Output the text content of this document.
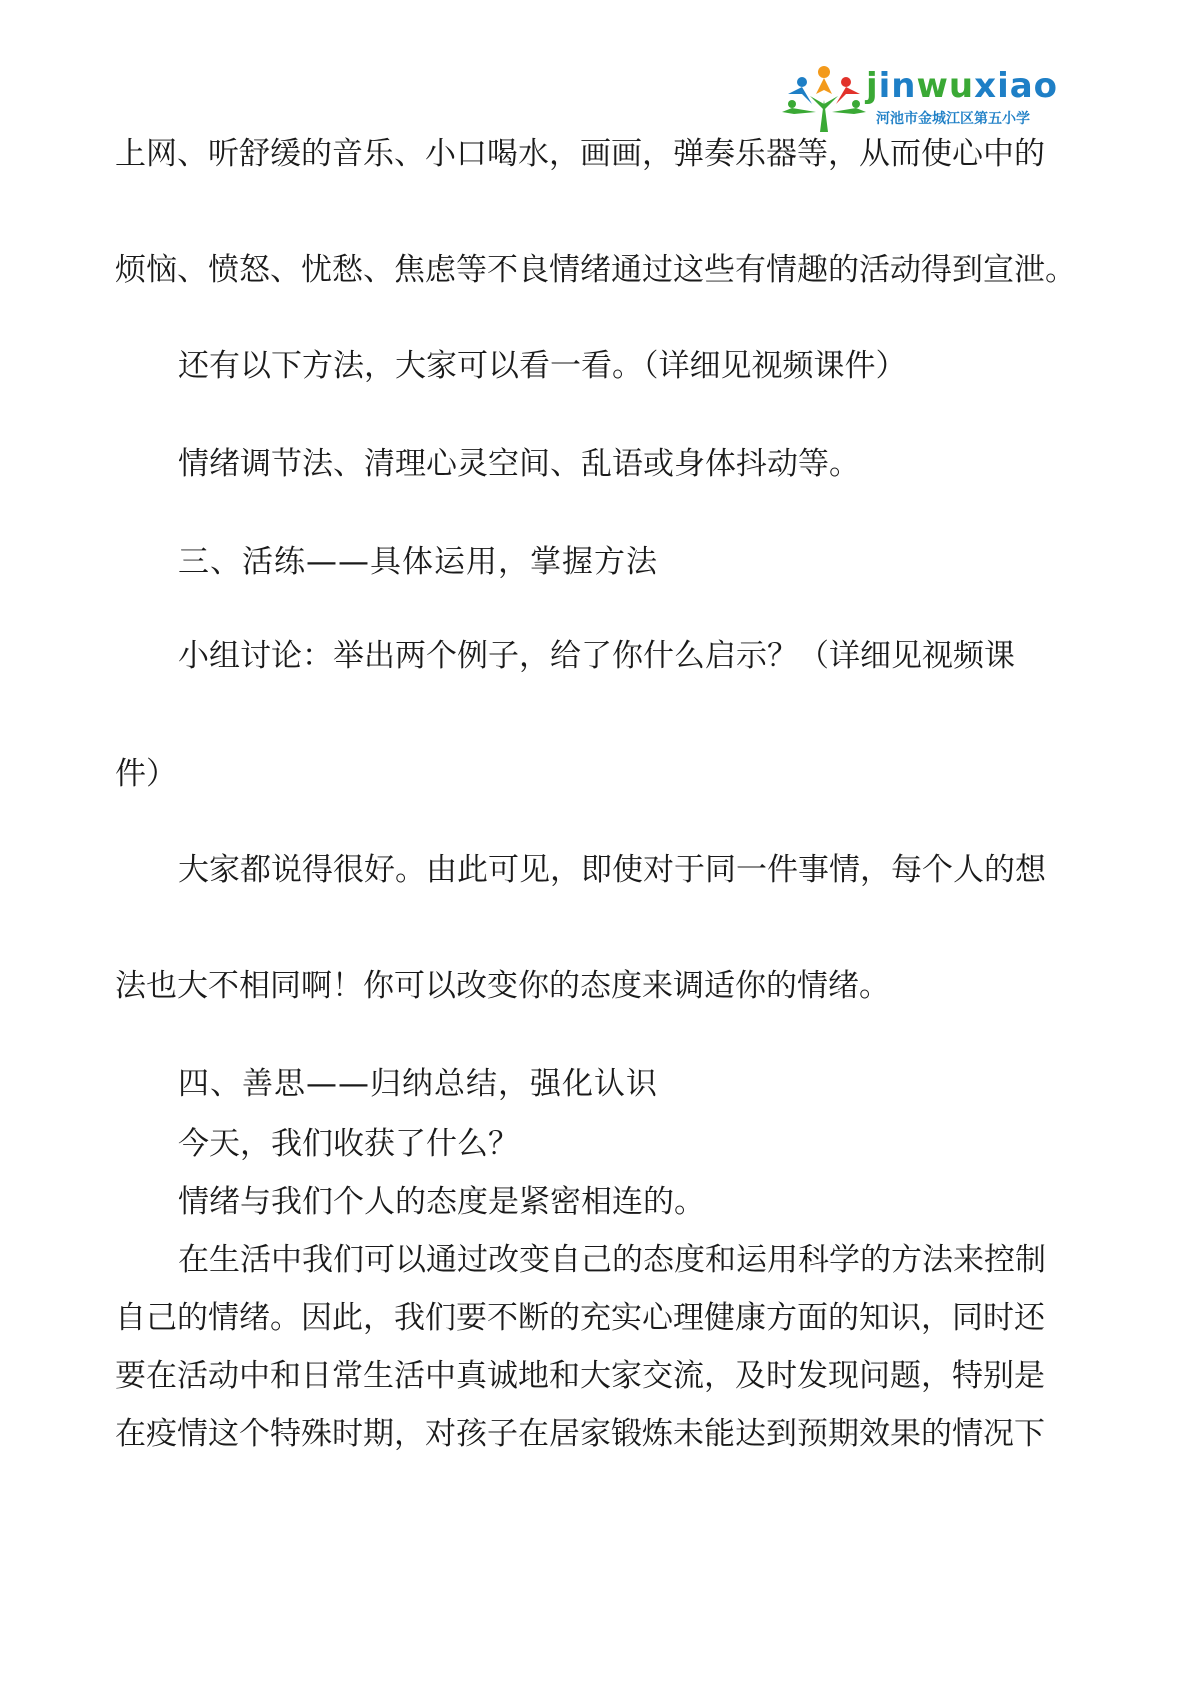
jinwuxiao
河池市金城江区第五小学
上网、听舒缓的音乐、小口喝水，画画，弹奏乐器等，从而使心中的
烦恼、愤怒、忧愁、焦虑等不良情绪通过这些有情趣的活动得到宣泄。
还有以下方法，大家可以看一看。（详细见视频课件）
情绪调节法、清理心灵空间、乱语或身体抖动等。
三、活练——具体运用，掌握方法
小组讨论：举出两个例子，给了你什么启示？（详细见视频课
件）
大家都说得很好。由此可见，即使对于同一件事情，每个人的想
法也大不相同啊！你可以改变你的态度来调适你的情绪。
四、善思——归纳总结，强化认识
今天，我们收获了什么？
情绪与我们个人的态度是紧密相连的。
在生活中我们可以通过改变自己的态度和运用科学的方法来控制
自己的情绪。因此，我们要不断的充实心理健康方面的知识，同时还
要在活动中和日常生活中真诚地和大家交流，及时发现问题，特别是
在疫情这个特殊时期，对孩子在居家锻炼未能达到预期效果的情况下
